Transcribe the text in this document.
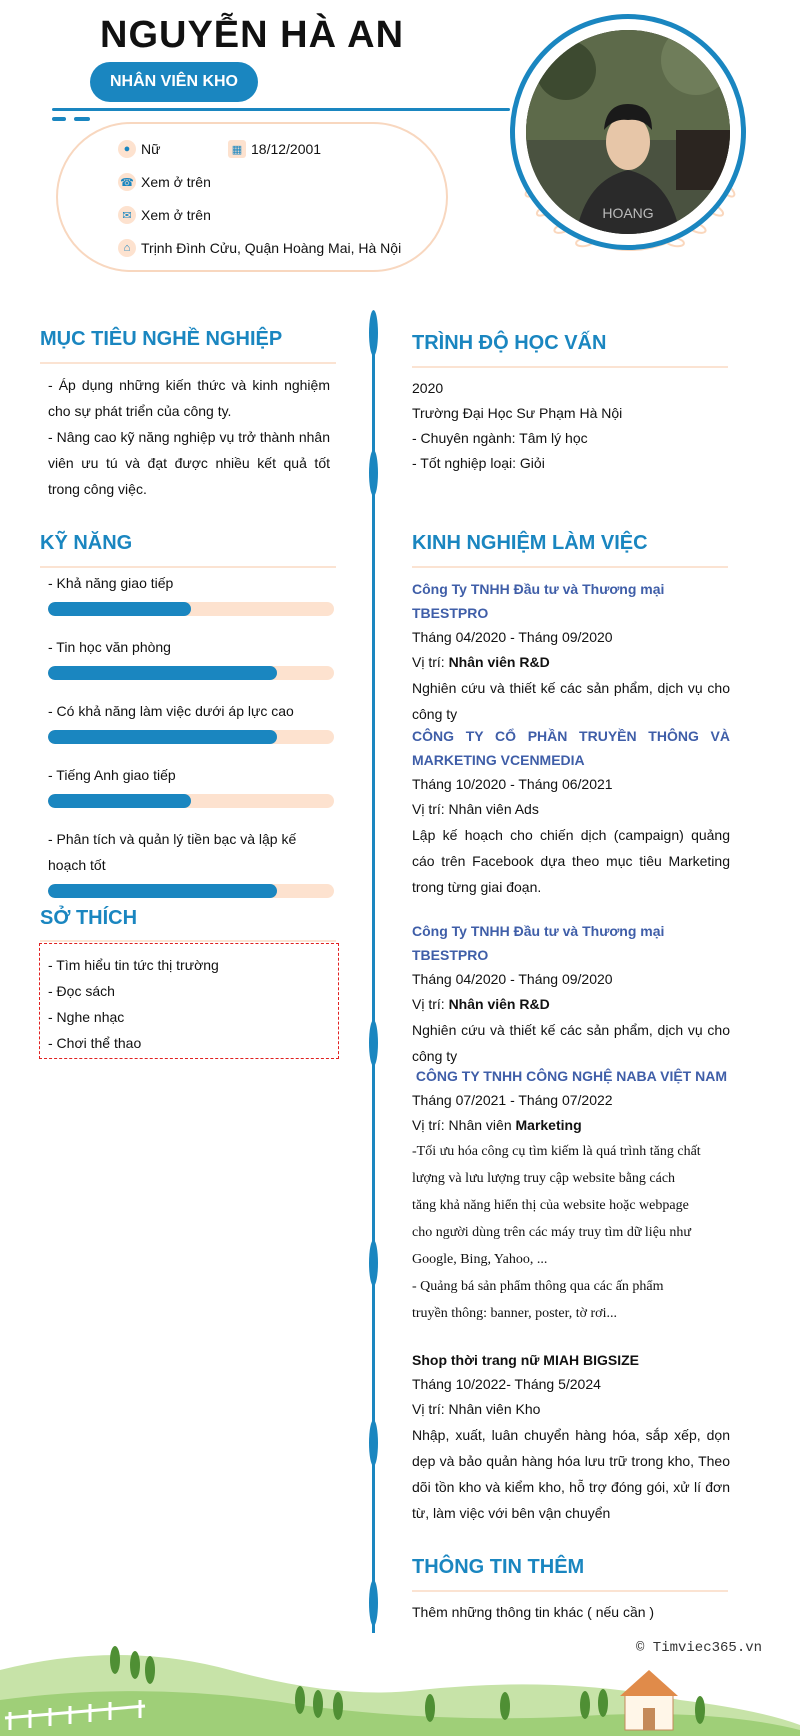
NGUYỄN HÀ AN
NHÂN VIÊN KHO
● Nữ	▦ 18/12/2001
☎ Xem ở trên
✉ Xem ở trên
⌂ Trịnh Đình Cửu, Quận Hoàng Mai, Hà Nội
HOANG
MỤC TIÊU NGHỀ NGHIỆP
- Áp dụng những kiến thức và kinh nghiệm cho sự phát triển của công ty.
- Nâng cao kỹ năng nghiệp vụ trở thành nhân viên ưu tú và đạt được nhiều kết quả tốt trong công việc.
KỸ NĂNG
- Khả năng giao tiếp
- Tin học văn phòng
- Có khả năng làm việc dưới áp lực cao
- Tiếng Anh giao tiếp
- Phân tích và quản lý tiền bạc và lập kế hoạch tốt
SỞ THÍCH
- Tìm hiểu tin tức thị trường
- Đọc sách
- Nghe nhạc
- Chơi thể thao
TRÌNH ĐỘ HỌC VẤN
2020
Trường Đại Học Sư Phạm Hà Nội
- Chuyên ngành: Tâm lý học
- Tốt nghiệp loại: Giỏi
KINH NGHIỆM LÀM VIỆC
Công Ty TNHH Đầu tư và Thương mại TBESTPRO
Tháng 04/2020 - Tháng 09/2020
Vị trí: Nhân viên R&D
Nghiên cứu và thiết kế các sản phẩm, dịch vụ cho công ty
CÔNG TY CỔ PHẦN TRUYỀN THÔNG VÀ MARKETING VCENMEDIA
Tháng 10/2020 - Tháng 06/2021
Vị trí: Nhân viên Ads
Lập kế hoạch cho chiến dịch (campaign) quảng cáo trên Facebook dựa theo mục tiêu Marketing trong từng giai đoạn.
Công Ty TNHH Đầu tư và Thương mại TBESTPRO
Tháng 04/2020 - Tháng 09/2020
Vị trí: Nhân viên R&D
Nghiên cứu và thiết kế các sản phẩm, dịch vụ cho công ty
CÔNG TY TNHH CÔNG NGHỆ NABA VIỆT NAM
Tháng 07/2021 - Tháng 07/2022
Vị trí: Nhân viên Marketing
-Tối ưu hóa công cụ tìm kiếm là quá trình tăng chất
lượng và lưu lượng truy cập website bằng cách
tăng khả năng hiển thị của website hoặc webpage
cho người dùng trên các máy truy tìm dữ liệu như
Google, Bing, Yahoo, ...
- Quảng bá sản phẩm thông qua các ấn phẩm
truyền thông: banner, poster, tờ rơi...
Shop thời trang nữ MIAH BIGSIZE
Tháng 10/2022- Tháng 5/2024
Vị trí: Nhân viên Kho
Nhập, xuất, luân chuyển hàng hóa, sắp xếp, dọn dẹp và bảo quản hàng hóa lưu trữ trong kho, Theo dõi tồn kho và kiểm kho, hỗ trợ đóng gói, xử lí đơn từ, làm việc với bên vận chuyển
THÔNG TIN THÊM
Thêm những thông tin khác ( nếu cần )
© Timviec365.vn
